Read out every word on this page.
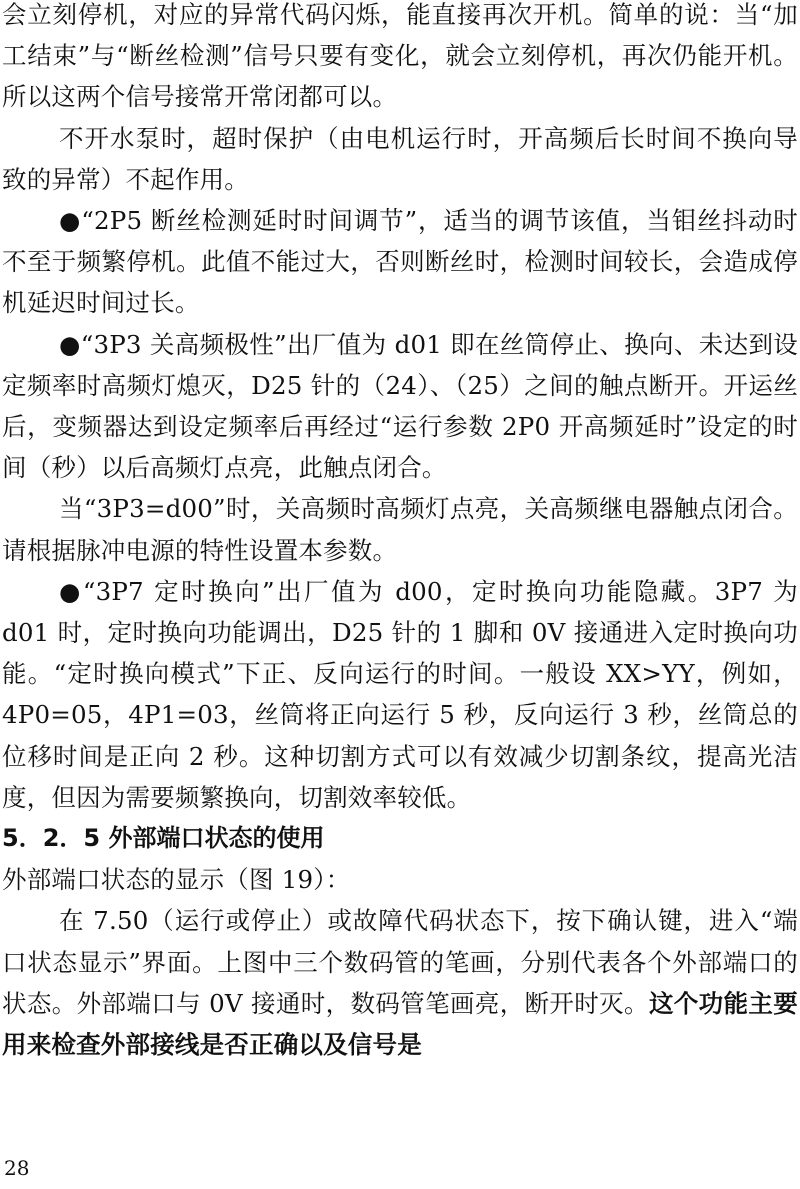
会立刻停机，对应的异常代码闪烁，能直接再次开机。简单的说：当“加工结束”与“断丝检测”信号只要有变化，就会立刻停机，再次仍能开机。所以这两个信号接常开常闭都可以。

不开水泵时，超时保护（由电机运行时，开高频后长时间不换向导致的异常）不起作用。

●“2P5 断丝检测延时时间调节”，适当的调节该值，当钼丝抖动时不至于频繁停机。此值不能过大，否则断丝时，检测时间较长，会造成停机延迟时间过长。

●“3P3 关高频极性”出厂值为 d01 即在丝筒停止、换向、未达到设定频率时高频灯熄灭，D25 针的（24）、（25）之间的触点断开。开运丝后，变频器达到设定频率后再经过“运行参数 2P0 开高频延时”设定的时间（秒）以后高频灯点亮，此触点闭合。

当“3P3=d00”时，关高频时高频灯点亮，关高频继电器触点闭合。请根据脉冲电源的特性设置本参数。

●“3P7 定时换向”出厂值为 d00，定时换向功能隐藏。3P7 为 d01 时，定时换向功能调出，D25 针的 1 脚和 0V 接通进入定时换向功能。“定时换向模式”下正、反向运行的时间。一般设 XX>YY，例如，4P0=05，4P1=03，丝筒将正向运行 5 秒，反向运行 3 秒，丝筒总的位移时间是正向 2 秒。这种切割方式可以有效减少切割条纹，提高光洁度，但因为需要频繁换向，切割效率较低。

5．2．5 外部端口状态的使用

外部端口状态的显示（图 19）：

在 7.50（运行或停止）或故障代码状态下，按下确认键，进入“端口状态显示”界面。上图中三个数码管的笔画，分别代表各个外部端口的状态。外部端口与 0V 接通时，数码管笔画亮，断开时灭。这个功能主要用来检查外部接线是否正确以及信号是

28
